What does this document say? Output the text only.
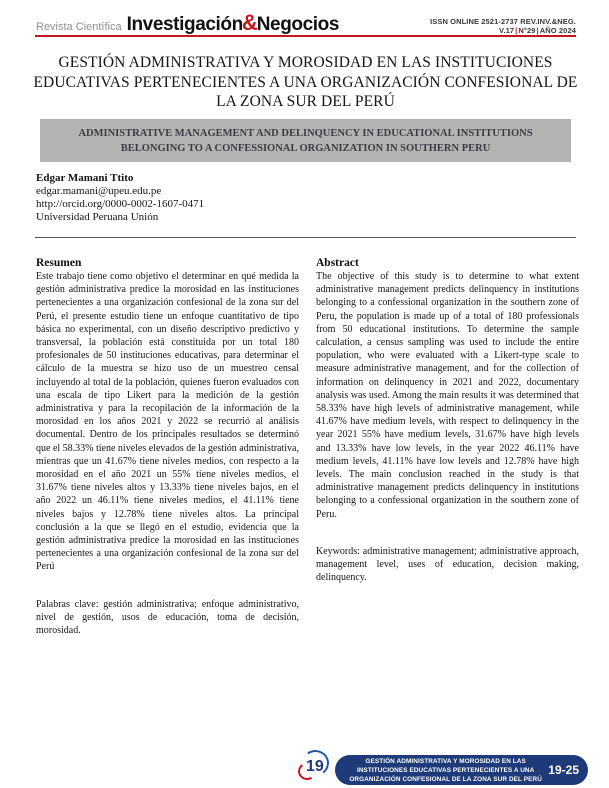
Revista Científica Investigación & Negocios	ISSN ONLINE 2521-2737 REV.INV.&NEG.
V.17|N°29|AÑO 2024
GESTIÓN ADMINISTRATIVA Y MOROSIDAD EN LAS INSTITUCIONES
EDUCATIVAS PERTENECIENTES A UNA ORGANIZACIÓN CONFESIONAL DE
LA ZONA SUR DEL PERÚ
ADMINISTRATIVE MANAGEMENT AND DELINQUENCY IN EDUCATIONAL INSTITUTIONS
BELONGING TO A CONFESSIONAL ORGANIZATION IN SOUTHERN PERU
Edgar Mamani Ttito
edgar.mamani@upeu.edu.pe
http://orcid.org/0000-0002-1607-0471
Universidad Peruana Unión
Resumen
Este trabajo tiene como objetivo el determinar en qué medida la gestión administrativa predice la morosidad en las instituciones pertenecientes a una organización confesional de la zona sur del Perú, el presente estudio tiene un enfoque cuantitativo de tipo básica no experimental, con un diseño descriptivo predictivo y transversal, la población está constituida por un total 180 profesionales de 50 instituciones educativas, para determinar el cálculo de la muestra se hizo uso de un muestreo censal incluyendo al total de la población, quienes fueron evaluados con una escala de tipo Likert para la medición de la gestión administrativa y para la recopilación de la información de la morosidad en los años 2021 y 2022 se recurrió al análisis documental. Dentro de los principales resultados se determinó que el 58.33% tiene niveles elevados de la gestión administrativa, mientras que un 41.67% tiene niveles medios, con respecto a la morosidad en el año 2021 un 55% tiene niveles medios, el 31.67% tiene niveles altos y 13.33% tiene niveles bajos, en el año 2022 un 46.11% tiene niveles medios, el 41.11% tiene niveles bajos y 12.78% tiene niveles altos. La principal conclusión a la que se llegó en el estudio, evidencia que la gestión administrativa predice la morosidad en las instituciones pertenecientes a una organización confesional de la zona sur del Perú
Palabras clave: gestión administrativa; enfoque administrativo, nivel de gestión, usos de educación, toma de decisión, morosidad.
Abstract
The objective of this study is to determine to what extent administrative management predicts delinquency in institutions belonging to a confessional organization in the southern zone of Peru, the population is made up of a total of 180 professionals from 50 educational institutions. To determine the sample calculation, a census sampling was used to include the entire population, who were evaluated with a Likert-type scale to measure administrative management, and for the collection of information on delinquency in 2021 and 2022, documentary analysis was used. Among the main results it was determined that 58.33% have high levels of administrative management, while 41.67% have medium levels, with respect to delinquency in the year 2021 55% have medium levels, 31.67% have high levels and 13.33% have low levels, in the year 2022 46.11% have medium levels, 41.11% have low levels and 12.78% have high levels. The main conclusion reached in the study is that administrative management predicts delinquency in institutions belonging to a confessional organization in the southern zone of Peru.
Keywords: administrative management; administrative approach, management level, uses of education, decision making, delinquency.
19	GESTIÓN ADMINISTRATIVA Y MOROSIDAD EN LAS
INSTITUCIONES EDUCATIVAS PERTENECIENTES A UNA
ORGANIZACIÓN CONFESIONAL DE LA ZONA SUR DEL PERÚ
19-25
